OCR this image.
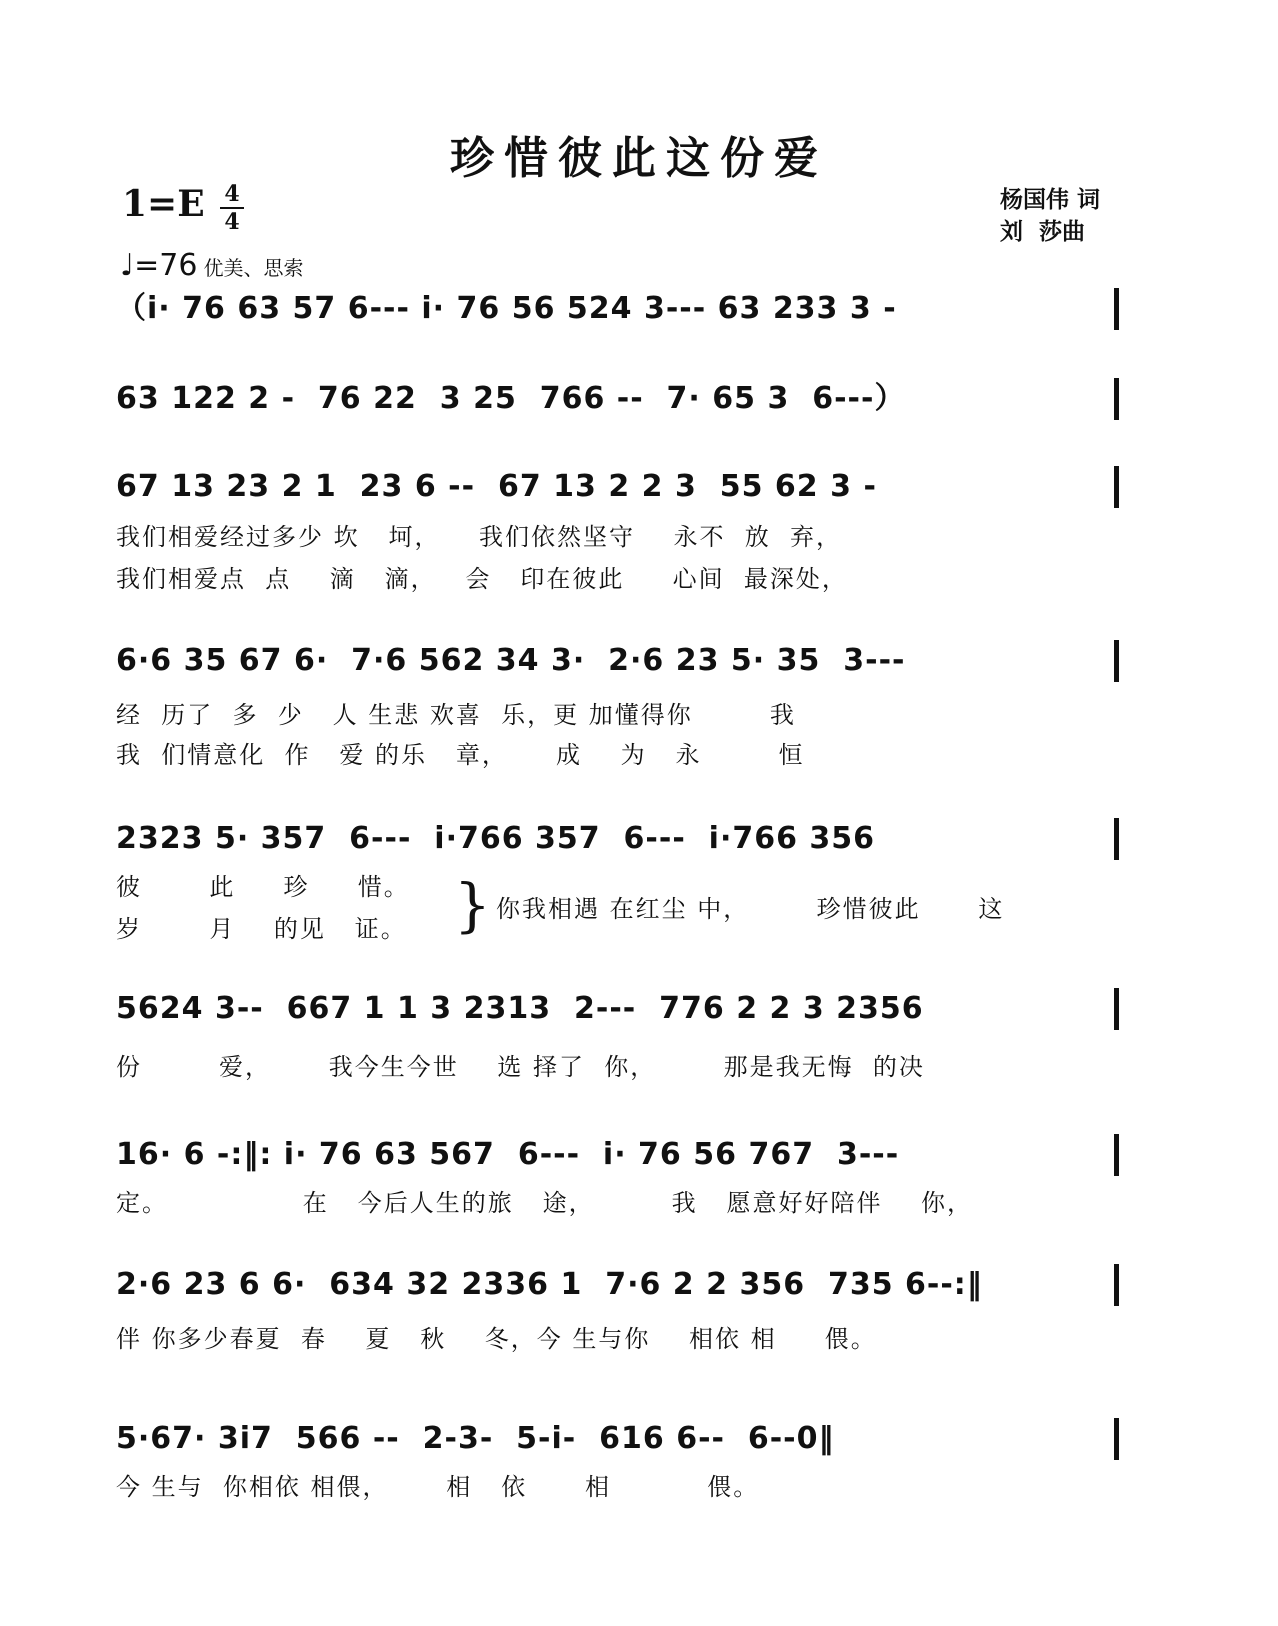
珍惜彼此这份爱
1=E 4
4
杨国伟 词
刘  莎曲
♩=76 优美、思索
（i· 76 63 57 6--- i· 76 56 524 3--- 63 233 3 -
63 122 2 -  76 22  3 25  766 --  7· 65 3  6---）
67 13 23 2 1  23 6 --  67 13 2 2 3  55 62 3 -
我们相爱经过多少 坎   坷，    我们依然坚守    永不  放  弃，
我们相爱点  点    滴   滴，   会   印在彼此     心间  最深处，
6·6 35 67 6·  7·6 562 34 3·  2·6 23 5· 35  3---
经  历了  多  少   人 生悲 欢喜  乐，更 加懂得你        我
我  们情意化  作   爱 的乐   章，     成    为   永        恒
2323 5· 357  6---  i·766 357  6---  i·766 356
彼       此     珍     惜。
岁       月    的见   证。 } 你我相遇 在红尘 中，       珍惜彼此      这
5624 3--  667 1 1 3 2313  2---  776 2 2 3 2356
份        爱，      我今生今世    选 择了  你，       那是我无悔  的决
16· 6 -:‖: i· 76 63 567  6---  i· 76 56 767  3---
定。              在   今后人生的旅   途，        我   愿意好好陪伴    你，
2·6 23 6 6·  634 32 2336 1  7·6 2 2 356  735 6--:‖
伴 你多少春夏  春    夏   秋    冬，今 生与你    相依 相     偎。
5·67· 3i7  566 --  2-3-  5-i-  616 6--  6--0‖
今 生与  你相依 相偎，      相   依      相          偎。
